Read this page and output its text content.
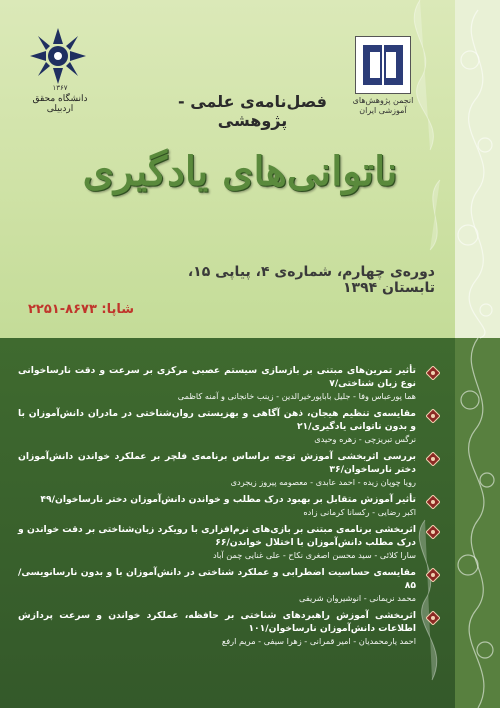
انجمن پژوهش‌های
آموزشی ایران
۱۳۶۷
دانشگاه محقق اردبیلی	فصل‌نامه‌ی علمی - پژوهشی
ناتوانی‌های یادگیری
دوره‌ی چهارم، شماره‌ی ۴، پیاپی ۱۵، تابستان ۱۳۹۴
شاپا: ۸۶۷۳-۲۲۵۱
تأثیر تمرین‌های مبتنی بر بازسازی سیستم عصبی مرکزی بر سرعت و دقت نارساخوانی نوع زبان شناختی/۷
هما پورعباس وفا - جلیل باباپورخیرالدین - زینب خانجانی و آمنه کاظمی
مقایسه‌ی تنظیم هیجان، ذهن آگاهی و بهزیستی روان‌شناختی در مادران دانش‌آموزان با و بدون ناتوانی یادگیری/۲۱
نرگس تبریزچی - زهره وحیدی
بررسی اثربخشی آموزش توجه براساس برنامه‌ی فلچر بر عملکرد خواندن دانش‌آموزان دختر نارساخوان/۳۶
رویا چوپان زیده - احمد عابدی - معصومه پیروز زیجردی
تأثیر آموزش متقابل بر بهبود درک مطلب و خواندن دانش‌آموزان دختر نارساخوان/۴۹
اکبر رضایی - رکسانا کرمانی زاده
اثربخشی برنامه‌ی مبتنی بر بازی‌های نرم‌افزاری با رویکرد زبان‌شناختی بر دقت خواندن و درک مطلب دانش‌آموزان با اختلال خواندن/۶۶
سارا کلائی - سید محسن اصغری نکاح - علی غنایی چمن آباد
مقایسه‌ی حساسیت اضطرابی و عملکرد شناختی در دانش‌آموزان با و بدون نارسانویسی/۸۵
محمد نریمانی - انوشیروان شریفی
اثربخشی آموزش راهبردهای شناختی بر حافظه، عملکرد خواندن و سرعت پردازش اطلاعات دانش‌آموزان نارساخوان/۱۰۱
احمد یارمحمدیان - امیر قمرانی - زهرا سیفی - مریم ارفع
